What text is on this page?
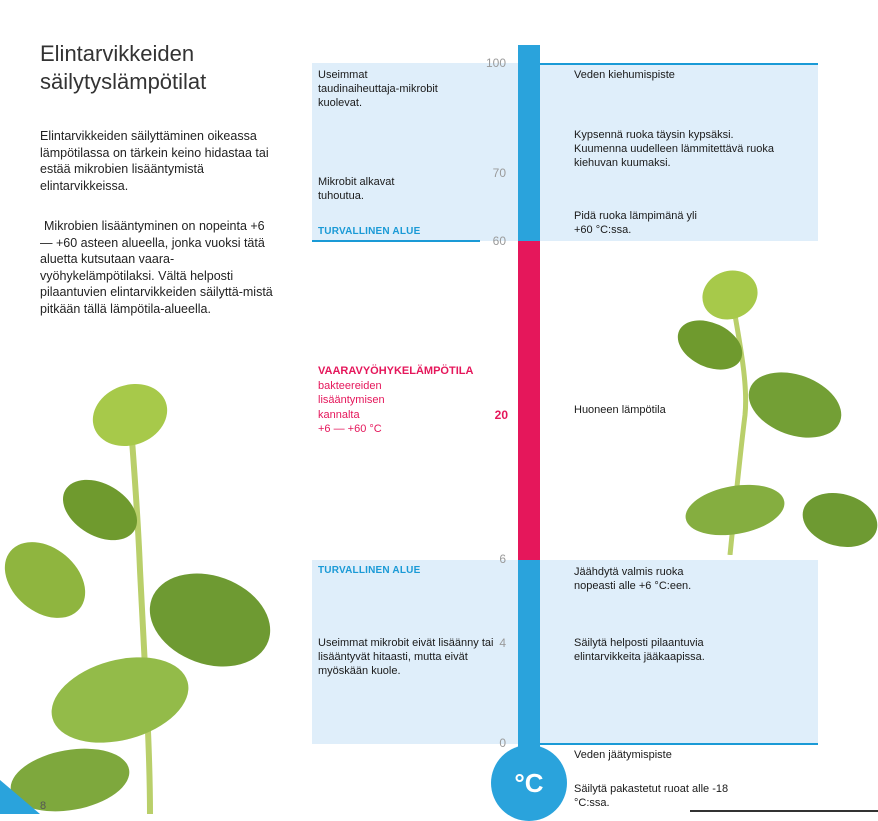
Elintarvikkeiden
säilytyslämpötilat
Elintarvikkeiden säilyttäminen oikeassa lämpötilassa on tärkein keino hidastaa tai estää mikrobien lisääntymistä elintarvikkeissa.
Mikrobien lisääntyminen on nopeinta +6 — +60 asteen alueella, jonka vuoksi tätä aluetta kutsutaan vaara-vyöhykelämpötilaksi. Vältä helposti pilaantuvien elintarvikkeiden säilyttä-mistä pitkään tällä lämpötila-alueella.
°C
100
70
60
20
6
4
0
Useimmat taudinaiheuttaja-mikrobit kuolevat.
Mikrobit alkavat tuhoutua.
TURVALLINEN ALUE
VAARAVYÖHYKELÄMPÖTILA
bakteereiden lisääntymisen kannalta
+6 — +60 °C
TURVALLINEN ALUE
Useimmat mikrobit eivät lisäänny tai lisääntyvät hitaasti, mutta eivät myöskään kuole.
Veden kiehumispiste
Kypsennä ruoka täysin kypsäksi. Kuumenna uudelleen lämmitettävä ruoka kiehuvan kuumaksi.
Pidä ruoka lämpimänä yli +60 °C:ssa.
Huoneen lämpötila
Jäähdytä valmis ruoka nopeasti alle +6 °C:een.
Säilytä helposti pilaantuvia elintarvikkeita jääkaapissa.
Veden jäätymispiste
Säilytä pakastetut ruoat alle -18 °C:ssa.
8
